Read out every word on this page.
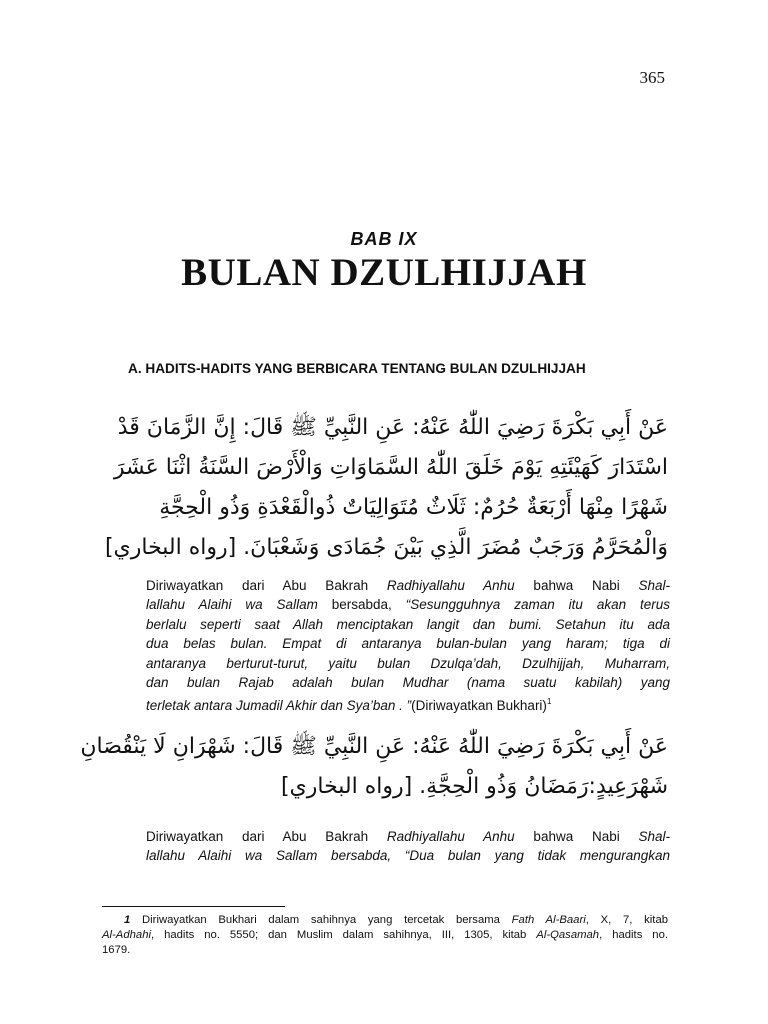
365
BAB IX
BULAN DZULHIJJAH
A. HADITS-HADITS YANG BERBICARA TENTANG BULAN DZULHIJJAH
عَنْ أَبِي بَكْرَةَ رَضِيَ اللّٰهُ عَنْهُ: عَنِ النَّبِيِّ ﷺ قَالَ: إِنَّ الزَّمَانَ قَدْ
اسْتَدَارَ كَهَيْئَتِهِ يَوْمَ خَلَقَ اللّٰهُ السَّمَاوَاتِ وَالْأَرْضَ السَّنَةُ اثْنَا عَشَرَ
شَهْرًا مِنْهَا أَرْبَعَةٌ حُرُمٌ: ثَلَاثٌ مُتَوَالِيَاتٌ ذُوالْقَعْدَةِ وَذُو الْحِجَّةِ
وَالْمُحَرَّمُ وَرَجَبٌ مُضَرَ الَّذِي بَيْنَ جُمَادَى وَشَعْبَانَ. [رواه البخاري]
Diriwayatkan dari Abu Bakrah Radhiyallahu Anhu bahwa Nabi Shal-
lallahu Alaihi wa Sallam bersabda, “Sesungguhnya zaman itu akan terus
berlalu seperti saat Allah menciptakan langit dan bumi. Setahun itu ada
dua belas bulan. Empat di antaranya bulan-bulan yang haram; tiga di
antaranya berturut-turut, yaitu bulan Dzulqa’dah, Dzulhijjah, Muharram,
dan bulan Rajab adalah bulan Mudhar (nama suatu kabilah) yang
terletak antara Jumadil Akhir dan Sya’ban . ”(Diriwayatkan Bukhari)$^1$
عَنْ أَبِي بَكْرَةَ رَضِيَ اللّٰهُ عَنْهُ: عَنِ النَّبِيِّ ﷺ قَالَ: شَهْرَانِ لَا يَنْقُصَانِ
شَهْرَعِيدٍ:رَمَضَانُ وَذُو الْحِجَّةِ. [رواه البخاري]
Diriwayatkan dari Abu Bakrah Radhiyallahu Anhu bahwa Nabi Shal-
lallahu Alaihi wa Sallam bersabda, “Dua bulan yang tidak mengurangkan
1 Diriwayatkan Bukhari dalam sahihnya yang tercetak bersama Fath Al-Baari, X, 7, kitab
Al-Adhahi, hadits no. 5550; dan Muslim dalam sahihnya, III, 1305, kitab Al-Qasamah, hadits no.
1679.
